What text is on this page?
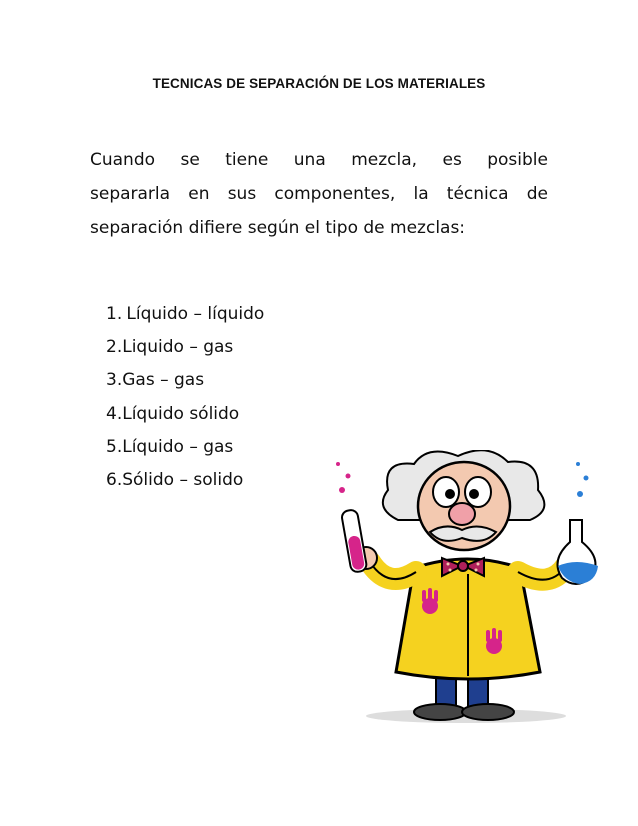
TECNICAS DE SEPARACIÓN DE LOS MATERIALES
Cuando se tiene una mezcla, es posible
separarla en sus componentes, la técnica de
separación difiere según el tipo de mezclas:
1. Líquido – líquido
2.Liquido – gas
3.Gas – gas
4.Líquido sólido
5.Líquido – gas
6.Sólido – solido
